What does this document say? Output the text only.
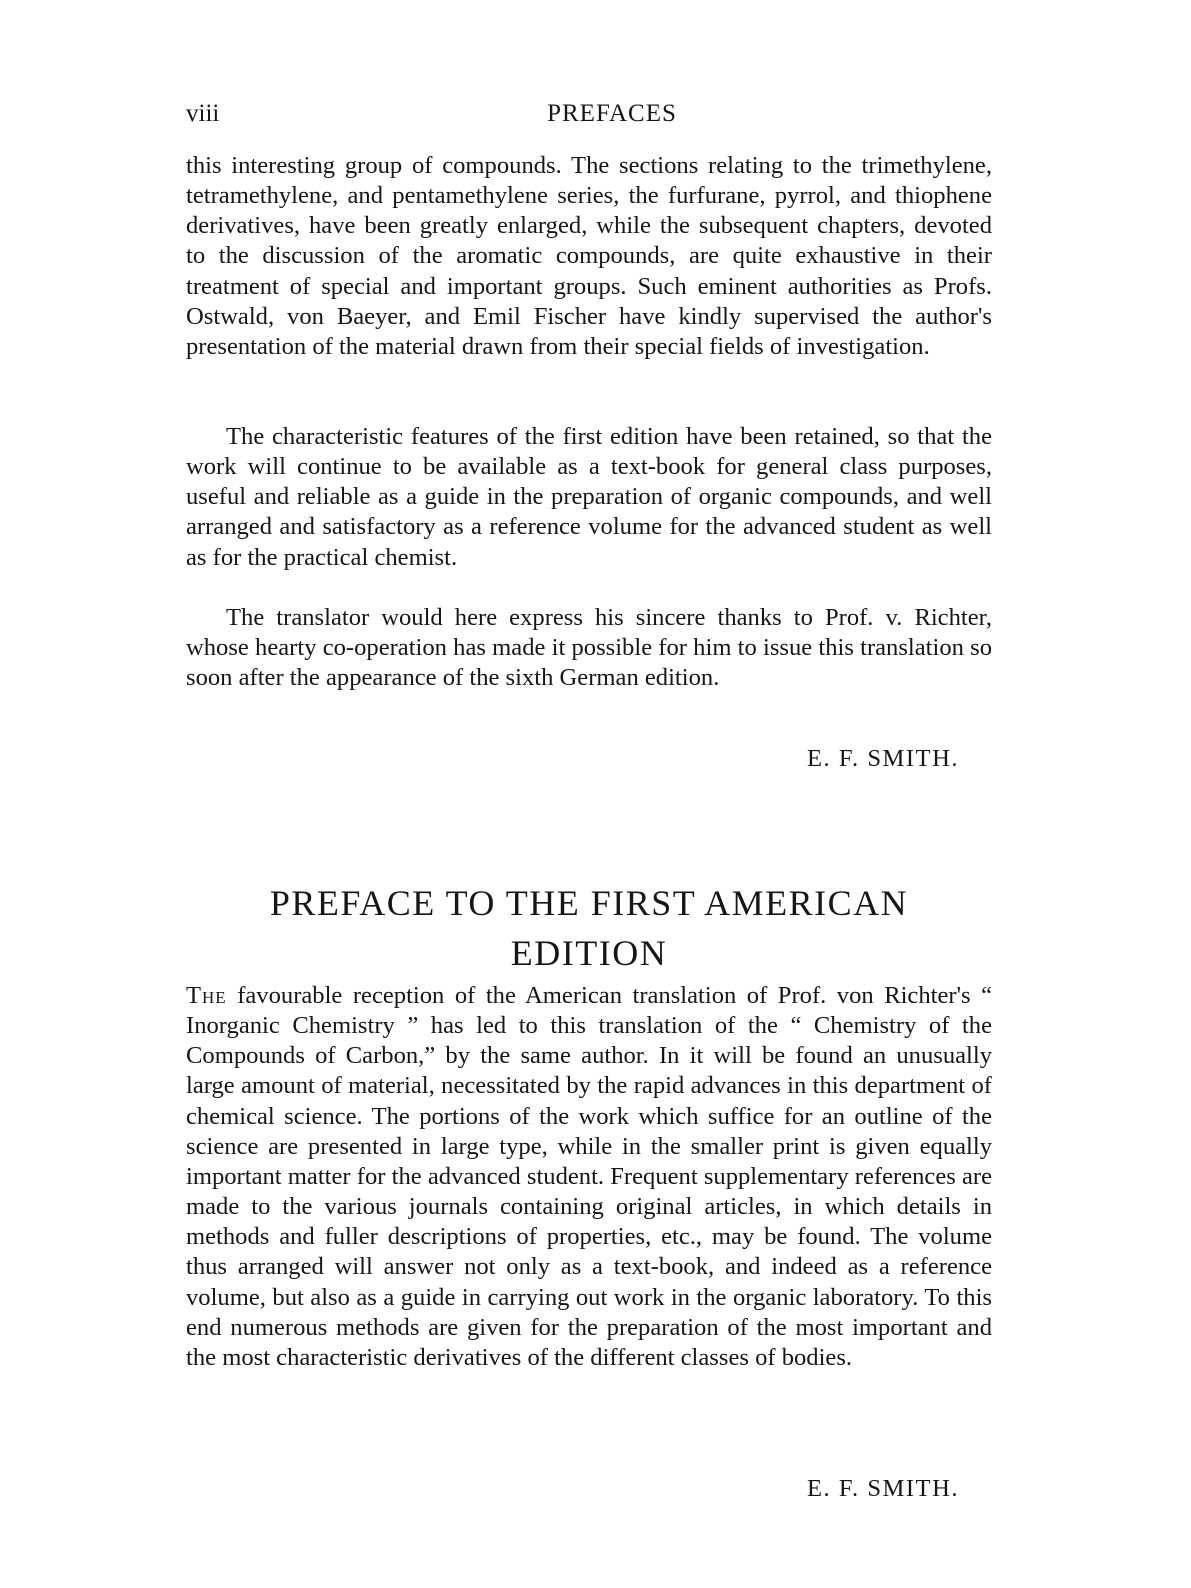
viii	PREFACES

this interesting group of compounds. The sections relating to the trimethylene, tetramethylene, and pentamethylene series, the furfurane, pyrrol, and thiophene derivatives, have been greatly enlarged, while the subsequent chapters, devoted to the discussion of the aromatic compounds, are quite exhaustive in their treatment of special and important groups. Such eminent authorities as Profs. Ostwald, von Baeyer, and Emil Fischer have kindly supervised the author's presentation of the material drawn from their special fields of investigation.

The characteristic features of the first edition have been retained, so that the work will continue to be available as a text-book for general class purposes, useful and reliable as a guide in the preparation of organic compounds, and well arranged and satisfactory as a reference volume for the advanced student as well as for the practical chemist.

The translator would here express his sincere thanks to Prof. v. Richter, whose hearty co-operation has made it possible for him to issue this translation so soon after the appearance of the sixth German edition.

E. F. SMITH.
PREFACE TO THE FIRST AMERICAN
EDITION

The favourable reception of the American translation of Prof. von Richter's “ Inorganic Chemistry ” has led to this translation of the “ Chemistry of the Compounds of Carbon,” by the same author. In it will be found an unusually large amount of material, necessitated by the rapid advances in this department of chemical science. The portions of the work which suffice for an outline of the science are presented in large type, while in the smaller print is given equally important matter for the advanced student. Frequent supplementary references are made to the various journals containing original articles, in which details in methods and fuller descriptions of properties, etc., may be found. The volume thus arranged will answer not only as a text-book, and indeed as a reference volume, but also as a guide in carrying out work in the organic laboratory. To this end numerous methods are given for the preparation of the most important and the most characteristic derivatives of the different classes of bodies.

E. F. SMITH.
